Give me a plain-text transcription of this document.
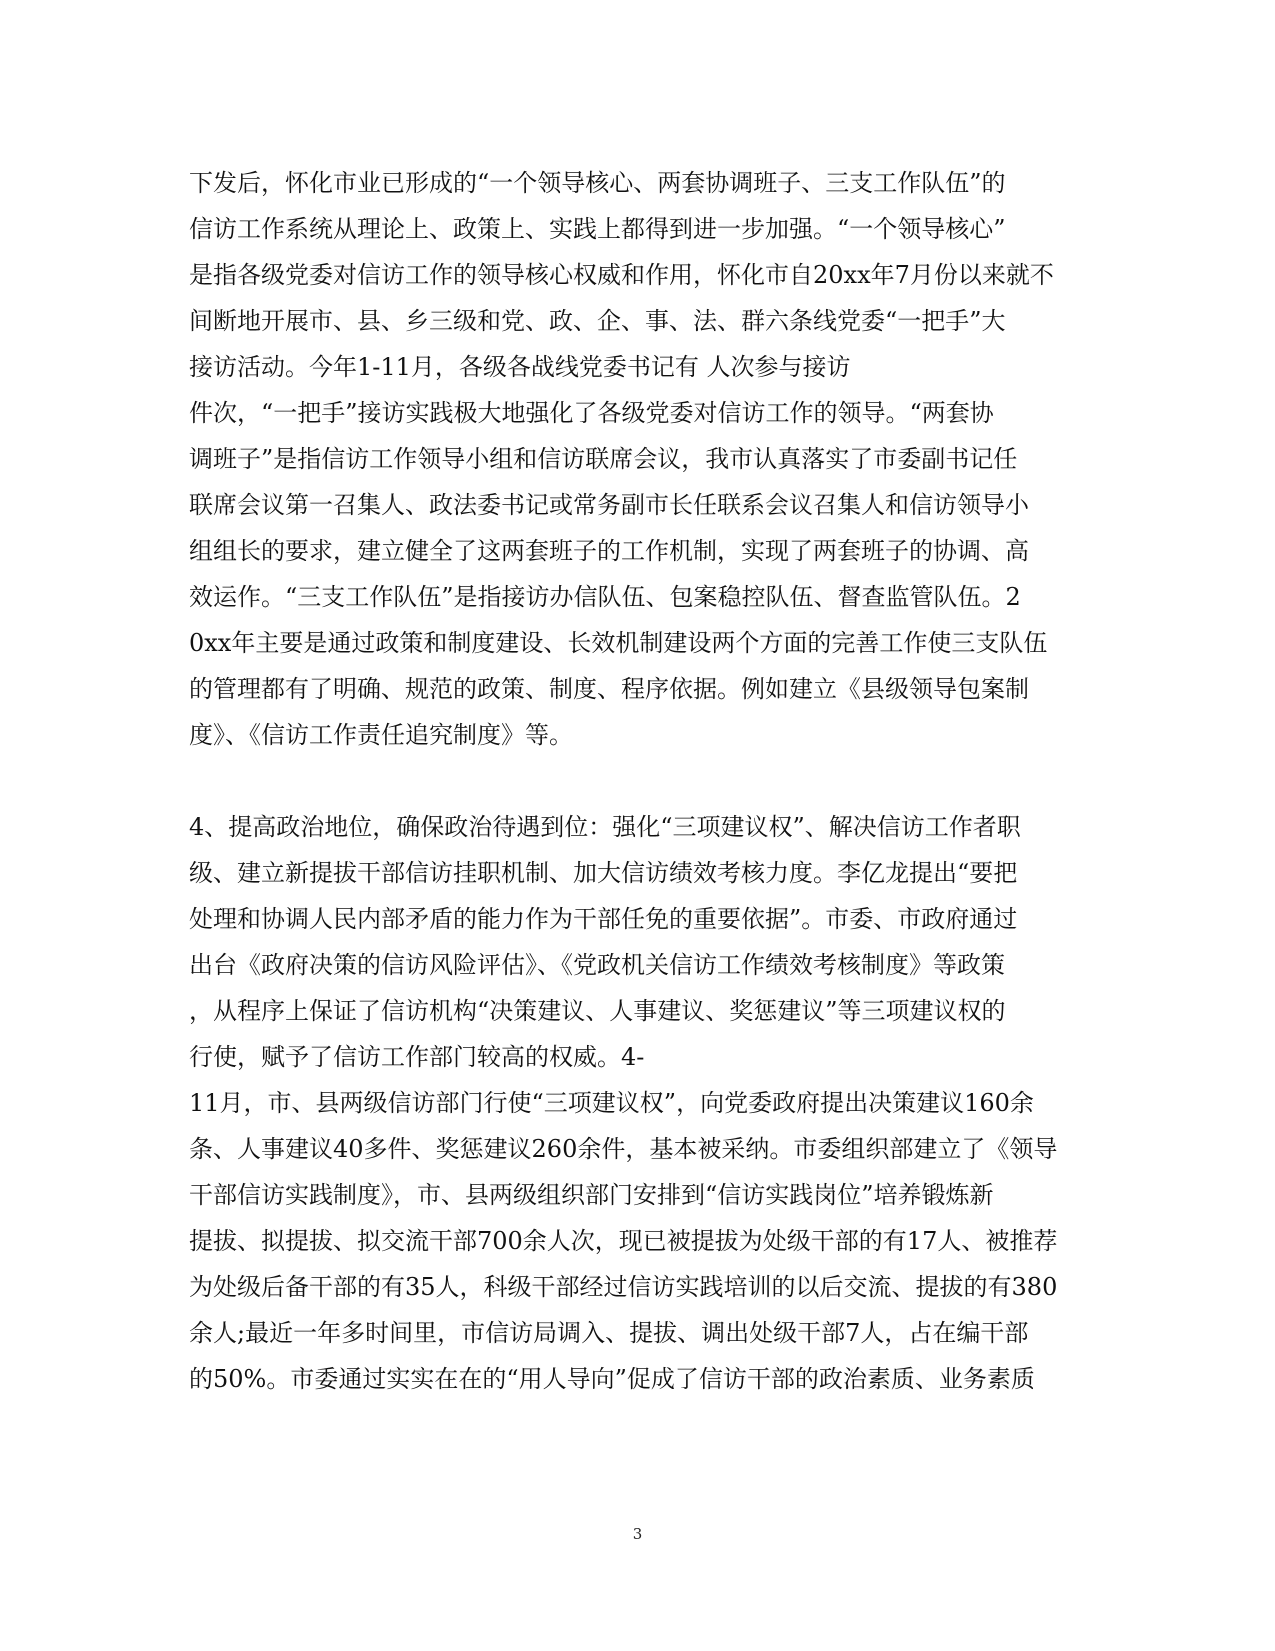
下发后，怀化市业已形成的“一个领导核心、两套协调班子、三支工作队伍”的
信访工作系统从理论上、政策上、实践上都得到进一步加强。“一个领导核心”
是指各级党委对信访工作的领导核心权威和作用，怀化市自20xx年7月份以来就不
间断地开展市、县、乡三级和党、政、企、事、法、群六条线党委“一把手”大
接访活动。今年1-11月，各级各战线党委书记有 人次参与接访
件次，“一把手”接访实践极大地强化了各级党委对信访工作的领导。“两套协
调班子”是指信访工作领导小组和信访联席会议，我市认真落实了市委副书记任
联席会议第一召集人、政法委书记或常务副市长任联系会议召集人和信访领导小
组组长的要求，建立健全了这两套班子的工作机制，实现了两套班子的协调、高
效运作。“三支工作队伍”是指接访办信队伍、包案稳控队伍、督查监管队伍。2
0xx年主要是通过政策和制度建设、长效机制建设两个方面的完善工作使三支队伍
的管理都有了明确、规范的政策、制度、程序依据。例如建立《县级领导包案制
度》、《信访工作责任追究制度》等。
4、提高政治地位，确保政治待遇到位：强化“三项建议权”、解决信访工作者职
级、建立新提拔干部信访挂职机制、加大信访绩效考核力度。李亿龙提出“要把
处理和协调人民内部矛盾的能力作为干部任免的重要依据”。市委、市政府通过
出台《政府决策的信访风险评估》、《党政机关信访工作绩效考核制度》等政策
，从程序上保证了信访机构“决策建议、人事建议、奖惩建议”等三项建议权的
行使，赋予了信访工作部门较高的权威。4-
11月，市、县两级信访部门行使“三项建议权”，向党委政府提出决策建议160余
条、人事建议40多件、奖惩建议260余件，基本被采纳。市委组织部建立了《领导
干部信访实践制度》，市、县两级组织部门安排到“信访实践岗位”培养锻炼新
提拔、拟提拔、拟交流干部700余人次，现已被提拔为处级干部的有17人、被推荐
为处级后备干部的有35人，科级干部经过信访实践培训的以后交流、提拔的有380
余人;最近一年多时间里，市信访局调入、提拔、调出处级干部7人，占在编干部
的50%。市委通过实实在在的“用人导向”促成了信访干部的政治素质、业务素质
3
